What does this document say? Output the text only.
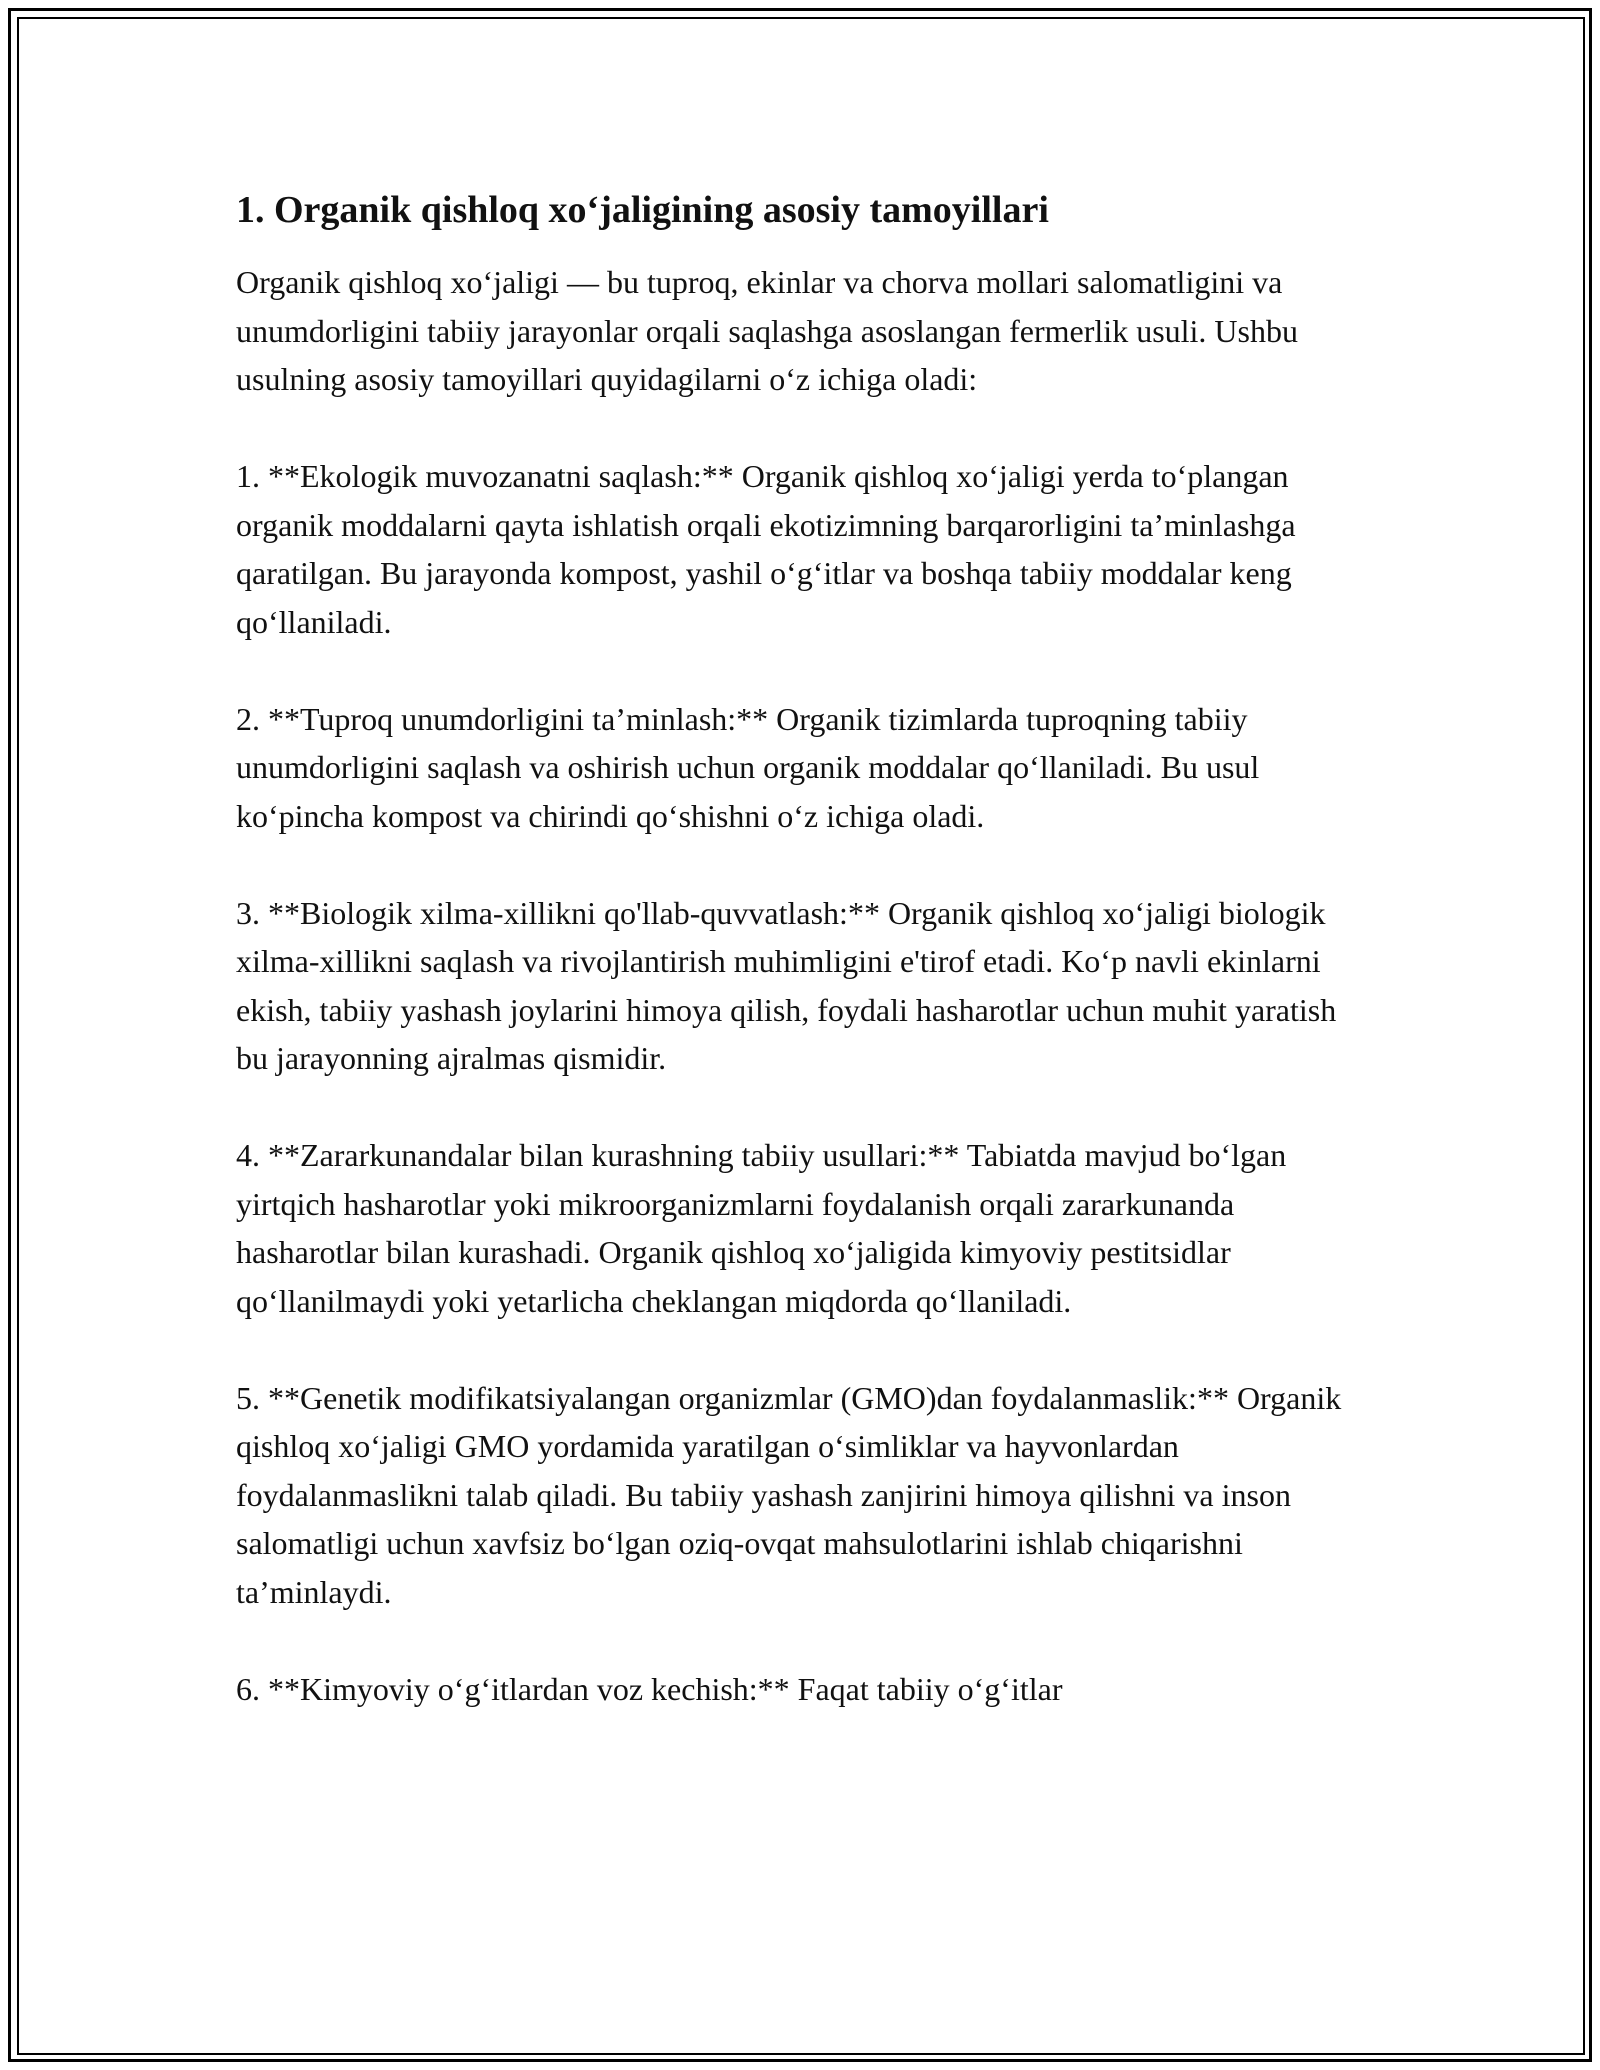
1. Organik qishloq xo‘jaligining asosiy tamoyillari

Organik qishloq xo‘jaligi — bu tuproq, ekinlar va chorva mollari salomatligini va unumdorligini tabiiy jarayonlar orqali saqlashga asoslangan fermerlik usuli. Ushbu usulning asosiy tamoyillari quyidagilarni o‘z ichiga oladi:

1. **Ekologik muvozanatni saqlash:** Organik qishloq xo‘jaligi yerda to‘plangan organik moddalarni qayta ishlatish orqali ekotizimning barqarorligini ta’minlashga qaratilgan. Bu jarayonda kompost, yashil o‘g‘itlar va boshqa tabiiy moddalar keng qo‘llaniladi.

2. **Tuproq unumdorligini ta’minlash:** Organik tizimlarda tuproqning tabiiy unumdorligini saqlash va oshirish uchun organik moddalar qo‘llaniladi. Bu usul ko‘pincha kompost va chirindi qo‘shishni o‘z ichiga oladi.

3. **Biologik xilma-xillikni qo'llab-quvvatlash:** Organik qishloq xo‘jaligi biologik xilma-xillikni saqlash va rivojlantirish muhimligini e'tirof etadi. Ko‘p navli ekinlarni ekish, tabiiy yashash joylarini himoya qilish, foydali hasharotlar uchun muhit yaratish bu jarayonning ajralmas qismidir.

4. **Zararkunandalar bilan kurashning tabiiy usullari:** Tabiatda mavjud bo‘lgan yirtqich hasharotlar yoki mikroorganizmlarni foydalanish orqali zararkunanda hasharotlar bilan kurashadi. Organik qishloq xo‘jaligida kimyoviy pestitsidlar qo‘llanilmaydi yoki yetarlicha cheklangan miqdorda qo‘llaniladi.

5. **Genetik modifikatsiyalangan organizmlar (GMO)dan foydalanmaslik:** Organik qishloq xo‘jaligi GMO yordamida yaratilgan o‘simliklar va hayvonlardan foydalanmaslikni talab qiladi. Bu tabiiy yashash zanjirini himoya qilishni va inson salomatligi uchun xavfsiz bo‘lgan oziq-ovqat mahsulotlarini ishlab chiqarishni ta’minlaydi.

6. **Kimyoviy o‘g‘itlardan voz kechish:** Faqat tabiiy o‘g‘itlar
